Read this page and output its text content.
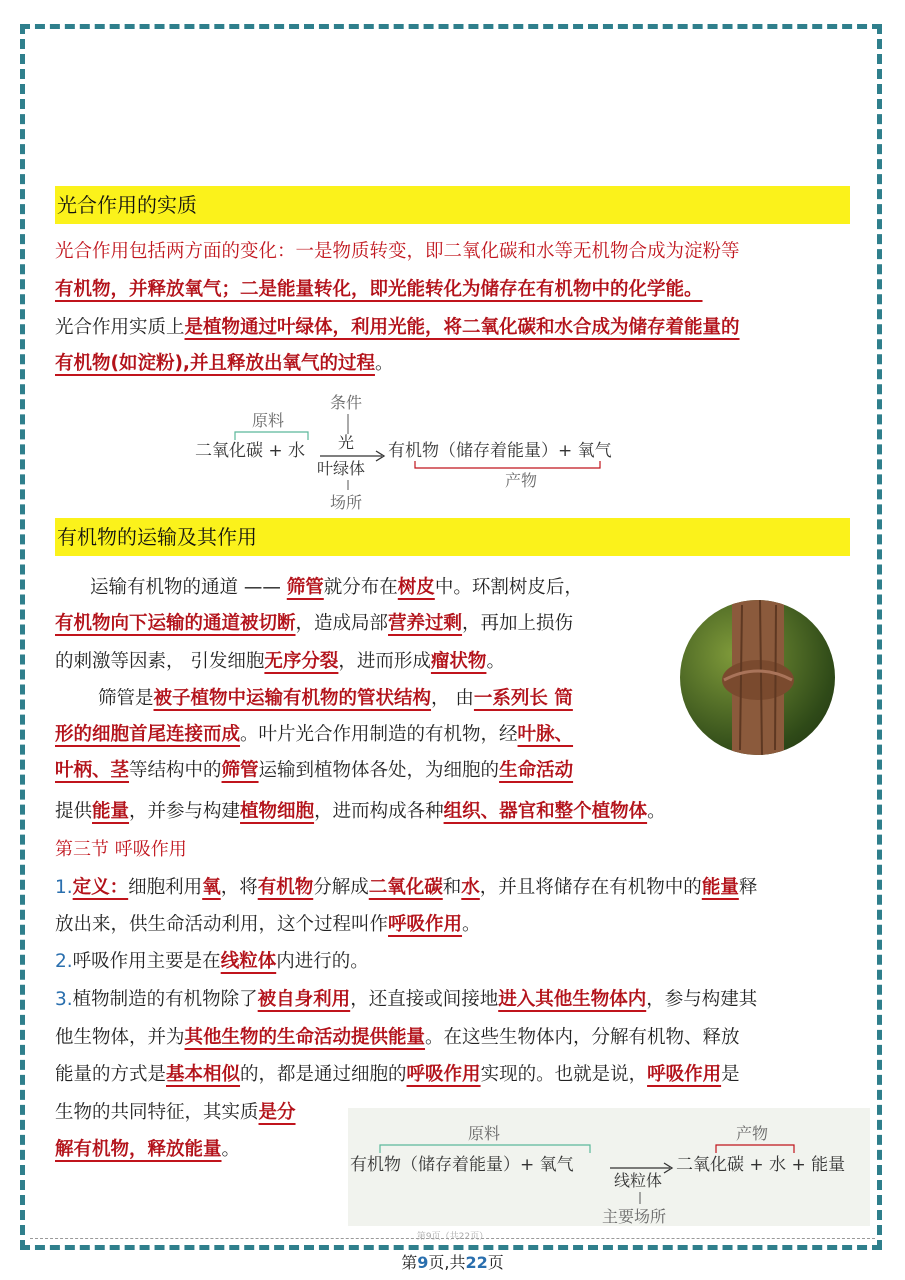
光合作用的实质
光合作用包括两方面的变化：一是物质转变，即二氧化碳和水等无机物合成为淀粉等
有机物，并释放氧气；二是能量转化，即光能转化为储存在有机物中的化学能。
光合作用实质上是植物通过叶绿体，利用光能，将二氧化碳和水合成为储存着能量的
有机物(如淀粉),并且释放出氧气的过程。
原料
条件
二氧化碳 + 水 光
叶绿体
场所
有机物（储存着能量）+ 氧气
产物
有机物的运输及其作用
运输有机物的通道 —— 筛管就分布在树皮中。环割树皮后，
有机物向下运输的通道被切断，造成局部营养过剩，再加上损伤
的刺激等因素， 引发细胞无序分裂，进而形成瘤状物。
筛管是被子植物中运输有机物的管状结构， 由一系列长 筒
形的细胞首尾连接而成。叶片光合作用制造的有机物，经叶脉、
叶柄、茎等结构中的筛管运输到植物体各处，为细胞的生命活动
提供能量，并参与构建植物细胞，进而构成各种组织、器官和整个植物体。
第三节 呼吸作用
1.定义：细胞利用氧，将有机物分解成二氧化碳和水，并且将储存在有机物中的能量释
放出来，供生命活动利用，这个过程叫作呼吸作用。
2.呼吸作用主要是在线粒体内进行的。
3.植物制造的有机物除了被自身利用，还直接或间接地进入其他生物体内，参与构建其
他生物体，并为其他生物的生命活动提供能量。在这些生物体内，分解有机物、释放
能量的方式是基本相似的，都是通过细胞的呼吸作用实现的。也就是说，呼吸作用是
生物的共同特征，其实质是分
解有机物，释放能量。
原料	产物
有机物（储存着能量）+ 氧气
线粒体
主要场所
二氧化碳 + 水 + 能量
第9页（共22页）
第9页,共22页
